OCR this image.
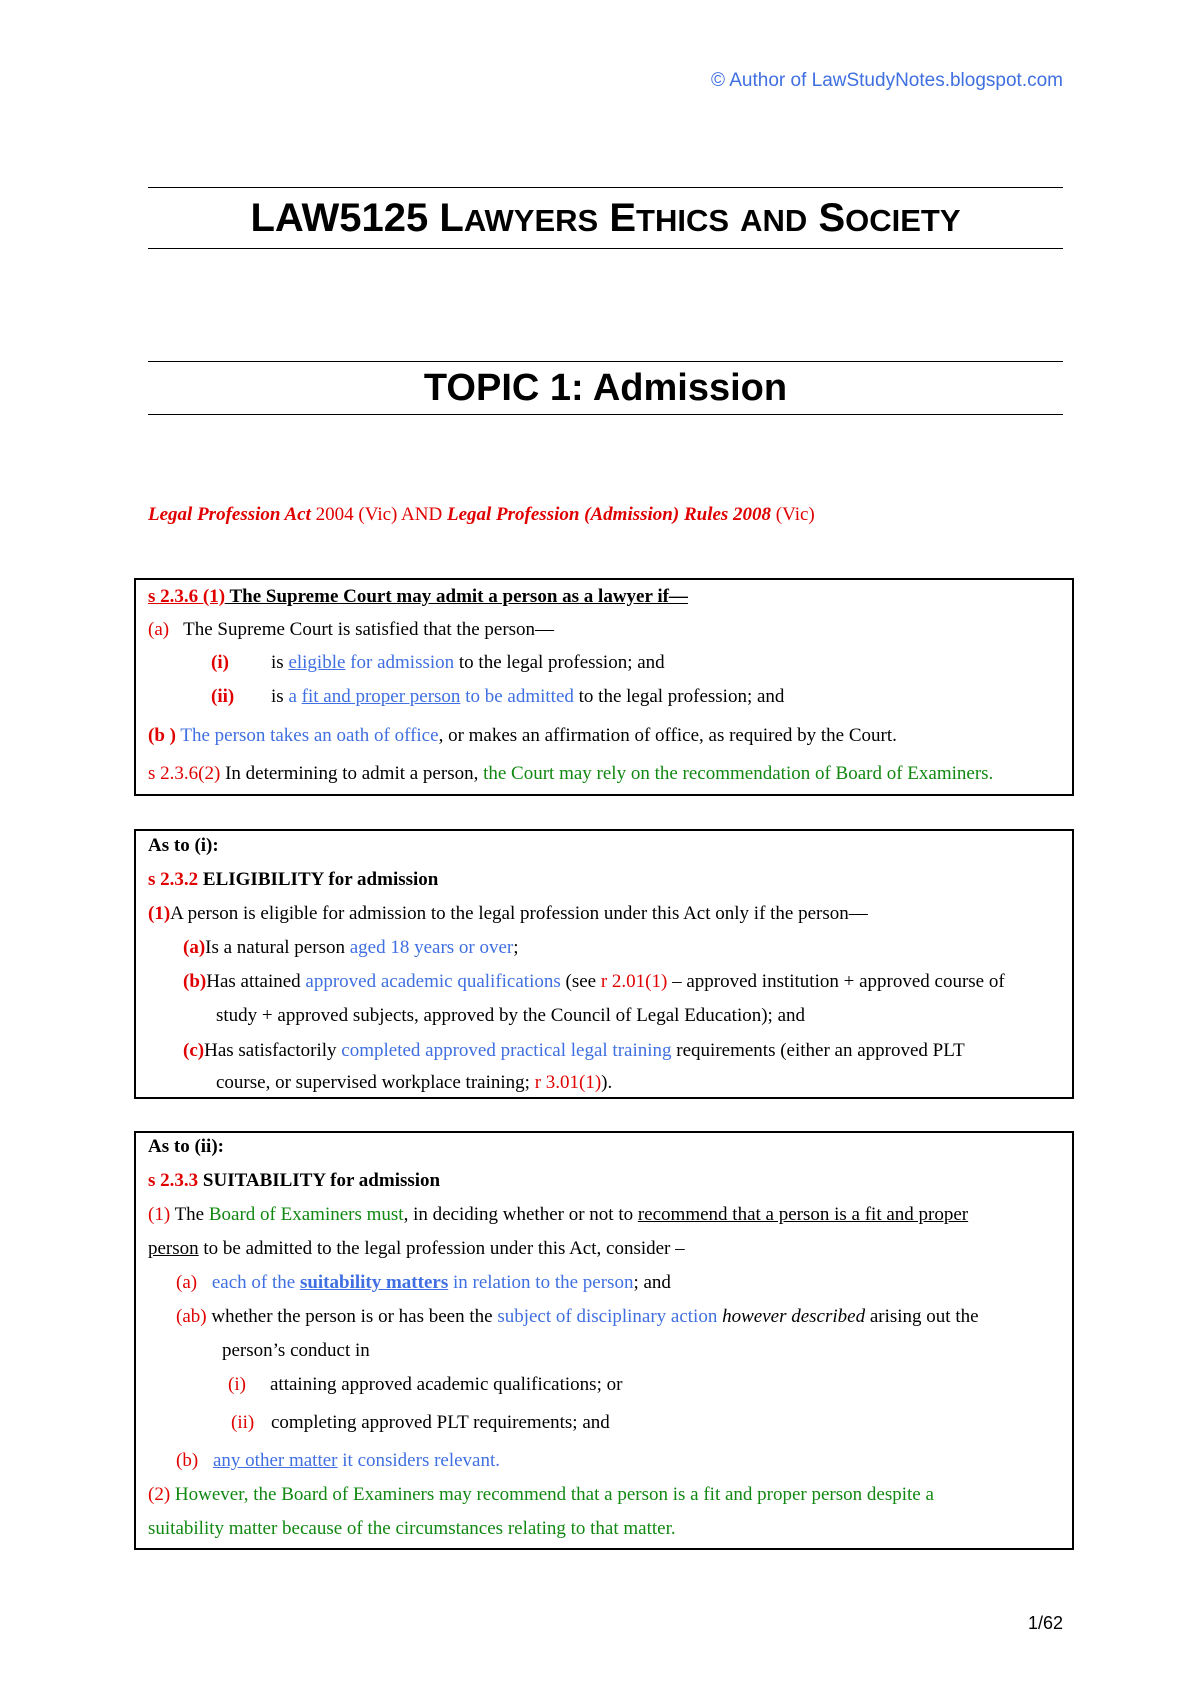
© Author of LawStudyNotes.blogspot.com
LAW5125 LAWYERS ETHICS AND SOCIETY
TOPIC 1: Admission
Legal Profession Act 2004 (Vic) AND Legal Profession (Admission) Rules 2008 (Vic)
s 2.3.6 (1) The Supreme Court may admit a person as a lawyer if—
(a) The Supreme Court is satisfied that the person—
(i) is eligible for admission to the legal profession; and
(ii) is a fit and proper person to be admitted to the legal profession; and
(b ) The person takes an oath of office, or makes an affirmation of office, as required by the Court.
s 2.3.6(2) In determining to admit a person, the Court may rely on the recommendation of Board of Examiners.
As to (i):
s 2.3.2 ELIGIBILITY for admission
(1)A person is eligible for admission to the legal profession under this Act only if the person—
(a)Is a natural person aged 18 years or over;
(b)Has attained approved academic qualifications (see r 2.01(1) – approved institution + approved course of
study + approved subjects, approved by the Council of Legal Education); and
(c)Has satisfactorily completed approved practical legal training requirements (either an approved PLT
course, or supervised workplace training; r 3.01(1)).
As to (ii):
s 2.3.3 SUITABILITY for admission
(1) The Board of Examiners must, in deciding whether or not to recommend that a person is a fit and proper
person to be admitted to the legal profession under this Act, consider –
(a) each of the suitability matters in relation to the person; and
(ab) whether the person is or has been the subject of disciplinary action however described arising out the
person’s conduct in
(i) attaining approved academic qualifications; or
(ii) completing approved PLT requirements; and
(b) any other matter it considers relevant.
(2) However, the Board of Examiners may recommend that a person is a fit and proper person despite a
suitability matter because of the circumstances relating to that matter.
1/62
